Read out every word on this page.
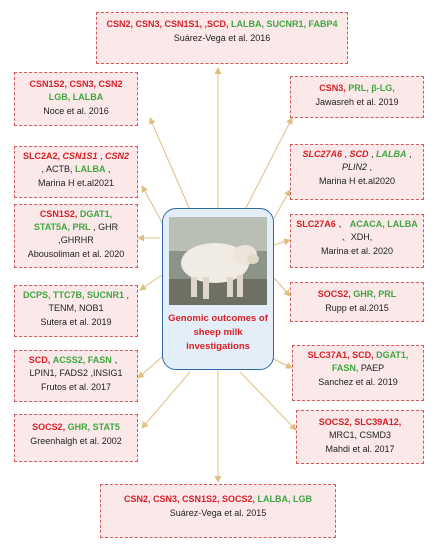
CSN2, CSN3, CSN1S1, ,SCD, LALBA, SUCNR1, FABP4
Suárez-Vega et al. 2016
CSN1S2, CSN3, CSN2 LGB, LALBA
Noce et al. 2016
SLC2A2, CSN1S1 , CSN2 , ACTB, LALBA ,
Marina H et.al2021
CSN1S2, DGAT1, STAT5A, PRL , GHR ,GHRHR
Abousoliman et al. 2020
DCPS, TTC7B, SUCNR1 , TENM, NOB1
Sutera et al. 2019
SCD, ACSS2, FASN 、 LPIN1, FADS2 ,INSIG1
Frutos et al. 2017
SOCS2, GHR, STAT5
Greenhalgh et al. 2002
CSN3, PRL, β-LG,
Jawasreh et al. 2019
SLC27A6 , SCD , LALBA , PLIN2 ,
Marina H et.al2020
SLC27A6 、 ACACA, LALBA 、XDH,
Marina et al. 2020
SOCS2, GHR, PRL
Rupp et al.2015
SLC37A1, SCD, DGAT1, FASN, PAEP
Sanchez et al. 2019
SOCS2, SLC39A12, MRC1, CSMD3
Mahdi et al. 2017
CSN2, CSN3, CSN1S2, SOCS2, LALBA, LGB
Suárez-Vega et al. 2015
Genomic outcomes of sheep milk investigations
